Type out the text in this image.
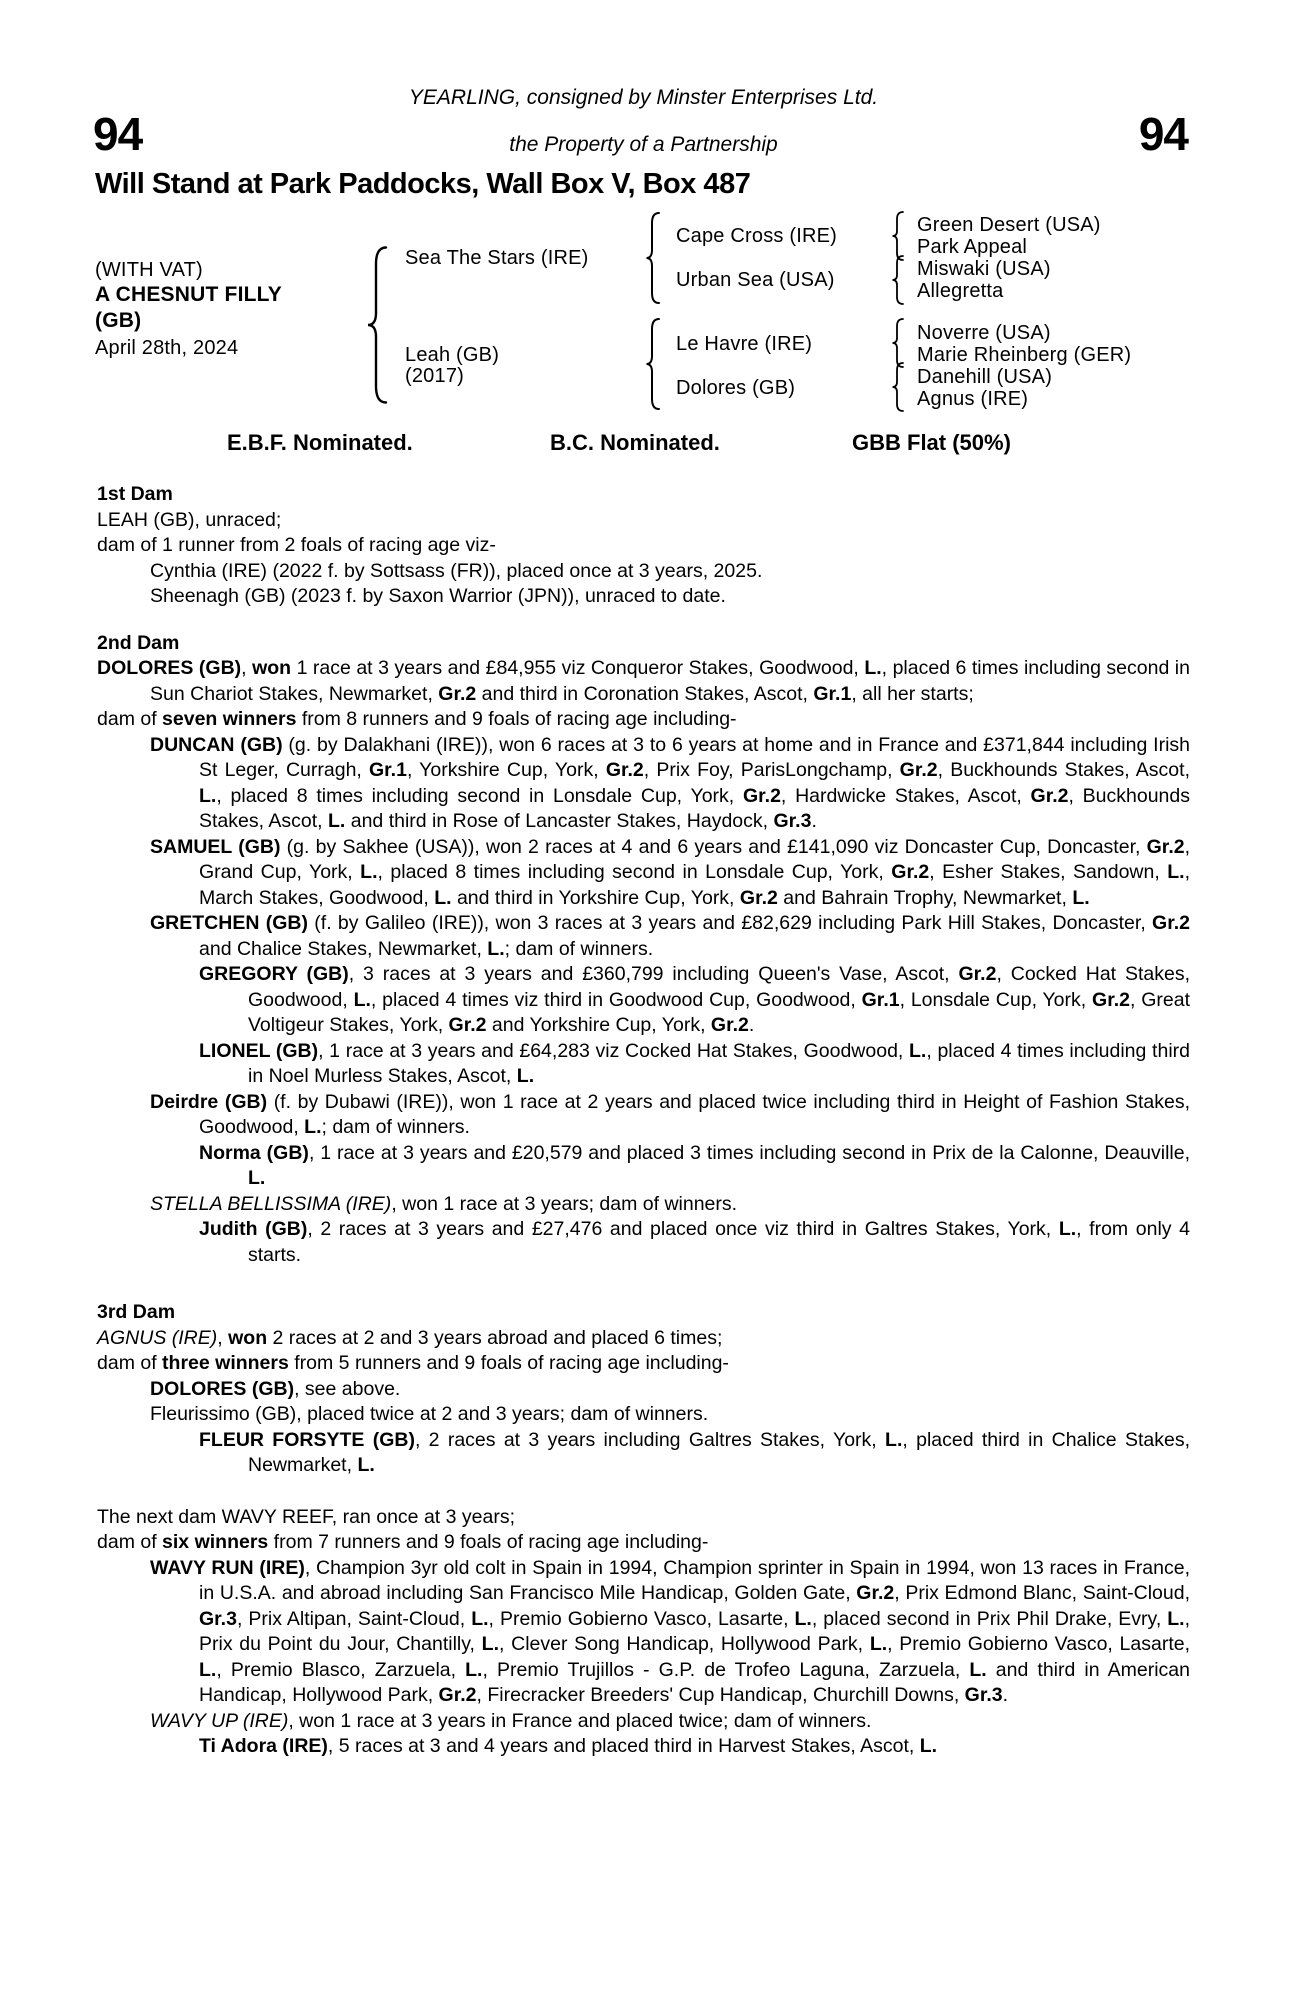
YEARLING, consigned by Minster Enterprises Ltd.
94	the Property of a Partnership	94
Will Stand at Park Paddocks, Wall Box V, Box 487
(WITH VAT)
A CHESNUT FILLY
(GB)
April 28th, 2024
Sea The Stars (IRE)
Leah (GB)
(2017)
Cape Cross (IRE)
Urban Sea (USA)
Le Havre (IRE)
Dolores (GB)
Green Desert (USA)
Park Appeal
Miswaki (USA)
Allegretta
Noverre (USA)
Marie Rheinberg (GER)
Danehill (USA)
Agnus (IRE)
E.B.F. Nominated.	B.C. Nominated.	GBB Flat (50%)

1st Dam

LEAH (GB), unraced;

dam of 1 runner from 2 foals of racing age viz-

Cynthia (IRE) (2022 f. by Sottsass (FR)), placed once at 3 years, 2025.

Sheenagh (GB) (2023 f. by Saxon Warrior (JPN)), unraced to date.

2nd Dam

DOLORES (GB), won 1 race at 3 years and £84,955 viz Conqueror Stakes, Goodwood, L., placed 6 times including second in Sun Chariot Stakes, Newmarket, Gr.2 and third in Coronation Stakes, Ascot, Gr.1, all her starts;

dam of seven winners from 8 runners and 9 foals of racing age including-

DUNCAN (GB) (g. by Dalakhani (IRE)), won 6 races at 3 to 6 years at home and in France and £371,844 including Irish St Leger, Curragh, Gr.1, Yorkshire Cup, York, Gr.2, Prix Foy, ParisLongchamp, Gr.2, Buckhounds Stakes, Ascot, L., placed 8 times including second in Lonsdale Cup, York, Gr.2, Hardwicke Stakes, Ascot, Gr.2, Buckhounds Stakes, Ascot, L. and third in Rose of Lancaster Stakes, Haydock, Gr.3.

SAMUEL (GB) (g. by Sakhee (USA)), won 2 races at 4 and 6 years and £141,090 viz Doncaster Cup, Doncaster, Gr.2, Grand Cup, York, L., placed 8 times including second in Lonsdale Cup, York, Gr.2, Esher Stakes, Sandown, L., March Stakes, Goodwood, L. and third in Yorkshire Cup, York, Gr.2 and Bahrain Trophy, Newmarket, L.

GRETCHEN (GB) (f. by Galileo (IRE)), won 3 races at 3 years and £82,629 including Park Hill Stakes, Doncaster, Gr.2 and Chalice Stakes, Newmarket, L.; dam of winners.

GREGORY (GB), 3 races at 3 years and £360,799 including Queen's Vase, Ascot, Gr.2, Cocked Hat Stakes, Goodwood, L., placed 4 times viz third in Goodwood Cup, Goodwood, Gr.1, Lonsdale Cup, York, Gr.2, Great Voltigeur Stakes, York, Gr.2 and Yorkshire Cup, York, Gr.2.

LIONEL (GB), 1 race at 3 years and £64,283 viz Cocked Hat Stakes, Goodwood, L., placed 4 times including third in Noel Murless Stakes, Ascot, L.

Deirdre (GB) (f. by Dubawi (IRE)), won 1 race at 2 years and placed twice including third in Height of Fashion Stakes, Goodwood, L.; dam of winners.

Norma (GB), 1 race at 3 years and £20,579 and placed 3 times including second in Prix de la Calonne, Deauville, L.

STELLA BELLISSIMA (IRE), won 1 race at 3 years; dam of winners.

Judith (GB), 2 races at 3 years and £27,476 and placed once viz third in Galtres Stakes, York, L., from only 4 starts.

3rd Dam

AGNUS (IRE), won 2 races at 2 and 3 years abroad and placed 6 times;

dam of three winners from 5 runners and 9 foals of racing age including-

DOLORES (GB), see above.

Fleurissimo (GB), placed twice at 2 and 3 years; dam of winners.

FLEUR FORSYTE (GB), 2 races at 3 years including Galtres Stakes, York, L., placed third in Chalice Stakes, Newmarket, L.

The next dam WAVY REEF, ran once at 3 years;

dam of six winners from 7 runners and 9 foals of racing age including-

WAVY RUN (IRE), Champion 3yr old colt in Spain in 1994, Champion sprinter in Spain in 1994, won 13 races in France, in U.S.A. and abroad including San Francisco Mile Handicap, Golden Gate, Gr.2, Prix Edmond Blanc, Saint-Cloud, Gr.3, Prix Altipan, Saint-Cloud, L., Premio Gobierno Vasco, Lasarte, L., placed second in Prix Phil Drake, Evry, L., Prix du Point du Jour, Chantilly, L., Clever Song Handicap, Hollywood Park, L., Premio Gobierno Vasco, Lasarte, L., Premio Blasco, Zarzuela, L., Premio Trujillos - G.P. de Trofeo Laguna, Zarzuela, L. and third in American Handicap, Hollywood Park, Gr.2, Firecracker Breeders' Cup Handicap, Churchill Downs, Gr.3.

WAVY UP (IRE), won 1 race at 3 years in France and placed twice; dam of winners.

Ti Adora (IRE), 5 races at 3 and 4 years and placed third in Harvest Stakes, Ascot, L.
